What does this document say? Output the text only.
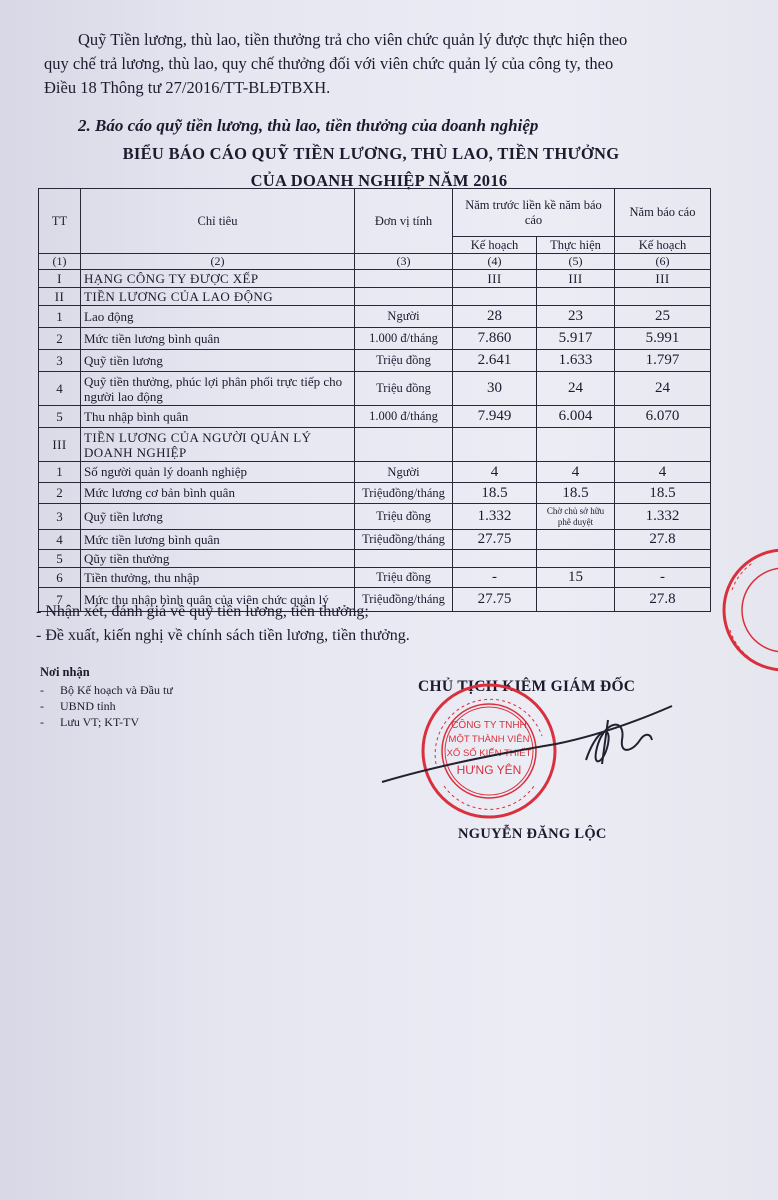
Quỹ Tiền lương, thù lao, tiền thưởng trả cho viên chức quản lý được thực hiện theo
quy chế trả lương, thù lao, quy chế thưởng đối với viên chức quản lý của công ty, theo
Điều 18 Thông tư 27/2016/TT-BLĐTBXH.
2. Báo cáo quỹ tiền lương, thù lao, tiền thưởng của doanh nghiệp
BIỂU BÁO CÁO QUỸ TIỀN LƯƠNG, THÙ LAO, TIỀN THƯỞNG
CỦA DOANH NGHIỆP NĂM 2016
TT	Chỉ tiêu	Đơn vị tính	Năm trước liền kề năm báo cáo		Năm báo cáo
			Kế hoạch	Thực hiện	Kế hoạch
(1)	(2)	(3)	(4)	(5)	(6)
I	HẠNG CÔNG TY ĐƯỢC XẾP		III	III	III
II	TIỀN LƯƠNG CỦA LAO ĐỘNG				
1	Lao động	Người	28	23	25
2	Mức tiền lương bình quân	1.000 đ/tháng	7.860	5.917	5.991
3	Quỹ tiền lương	Triệu đồng	2.641	1.633	1.797
4	Quỹ tiền thưởng, phúc lợi phân phối trực tiếp cho người lao động	Triệu đồng	30	24	24
5	Thu nhập bình quân	1.000 đ/tháng	7.949	6.004	6.070
III	TIỀN LƯƠNG CỦA NGƯỜI QUẢN LÝ DOANH NGHIỆP				
1	Số người quản lý doanh nghiệp	Người	4	4	4
2	Mức lương cơ bản bình quân	Triệuđồng/tháng	18.5	18.5	18.5
3	Quỹ tiền lương	Triệu đồng	1.332	Chờ chủ sở hữu phê duyệt	1.332
4	Mức tiền lương bình quân	Triệuđồng/tháng	27.75		27.8
5	Qũy tiền thưởng				
6	Tiền thưởng, thu nhập	Triệu đồng	-	15	-
7	Mức thu nhập bình quân của viên chức quản lý	Triệuđồng/tháng	27.75		27.8
- Nhận xét, đánh giá về quỹ tiền lương, tiền thưởng;
- Đề xuất, kiến nghị về chính sách tiền lương, tiền thưởng.
Nơi nhận
- Bộ Kế hoạch và Đầu tư
- UBND tỉnh
- Lưu VT; KT-TV
CHỦ TỊCH KIÊM GIÁM ĐỐC
CÔNG TY TNHH
MỘT THÀNH VIÊN
XỔ SỐ KIẾN THIẾT
HƯNG YÊN
NGUYỄN ĐĂNG LỘC
